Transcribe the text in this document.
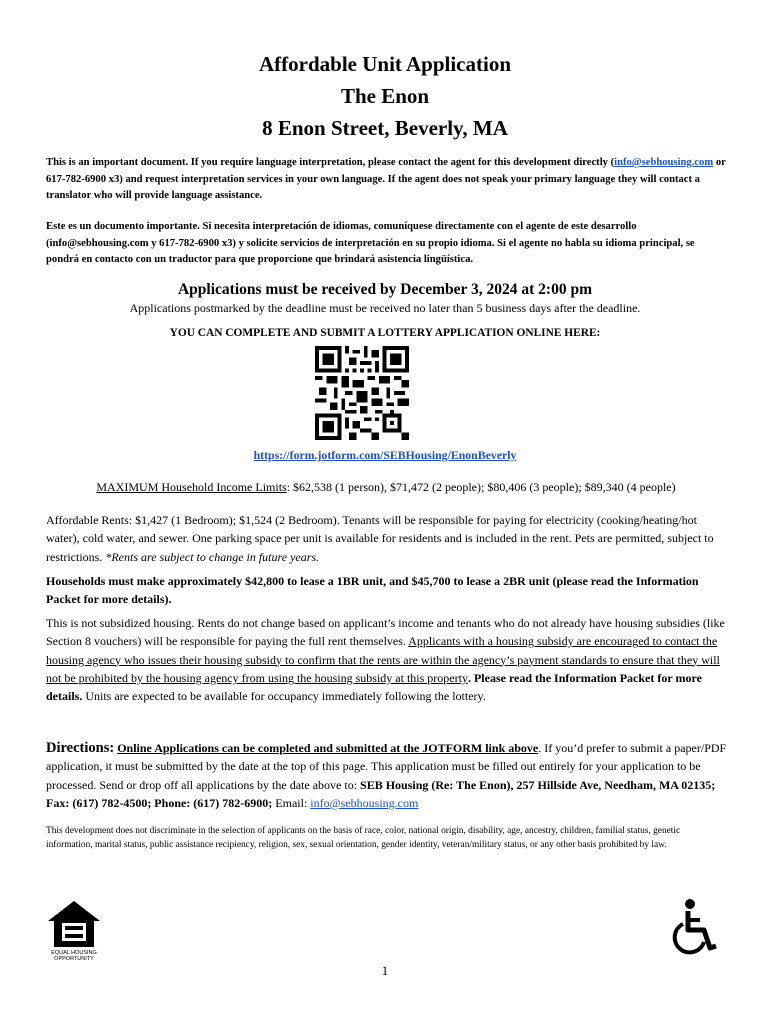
Affordable Unit Application
The Enon
8 Enon Street, Beverly, MA
This is an important document. If you require language interpretation, please contact the agent for this development directly (info@sebhousing.com or 617-782-6900 x3) and request interpretation services in your own language. If the agent does not speak your primary language they will contact a translator who will provide language assistance.
Este es un documento importante. Si necesita interpretación de idiomas, comuníquese directamente con el agente de este desarrollo (info@sebhousing.com y 617-782-6900 x3) y solicite servicios de interpretación en su propio idioma. Si el agente no habla su idioma principal, se pondrá en contacto con un traductor para que proporcione que brindará asistencia lingüística.
Applications must be received by December 3, 2024 at 2:00 pm
Applications postmarked by the deadline must be received no later than 5 business days after the deadline.
YOU CAN COMPLETE AND SUBMIT A LOTTERY APPLICATION ONLINE HERE:
https://form.jotform.com/SEBHousing/EnonBeverly
MAXIMUM Household Income Limits: $62,538 (1 person), $71,472 (2 people); $80,406 (3 people); $89,340 (4 people)
Affordable Rents: $1,427 (1 Bedroom); $1,524 (2 Bedroom). Tenants will be responsible for paying for electricity (cooking/heating/hot water), cold water, and sewer. One parking space per unit is available for residents and is included in the rent. Pets are permitted, subject to restrictions. *Rents are subject to change in future years.
Households must make approximately $42,800 to lease a 1BR unit, and $45,700 to lease a 2BR unit (please read the Information Packet for more details).
This is not subsidized housing. Rents do not change based on applicant’s income and tenants who do not already have housing subsidies (like Section 8 vouchers) will be responsible for paying the full rent themselves. Applicants with a housing subsidy are encouraged to contact the housing agency who issues their housing subsidy to confirm that the rents are within the agency’s payment standards to ensure that they will not be prohibited by the housing agency from using the housing subsidy at this property. Please read the Information Packet for more details. Units are expected to be available for occupancy immediately following the lottery.
Directions: Online Applications can be completed and submitted at the JOTFORM link above. If you’d prefer to submit a paper/PDF application, it must be submitted by the date at the top of this page. This application must be filled out entirely for your application to be processed. Send or drop off all applications by the date above to: SEB Housing (Re: The Enon), 257 Hillside Ave, Needham, MA 02135; Fax: (617) 782-4500; Phone: (617) 782-6900; Email: info@sebhousing.com
This development does not discriminate in the selection of applicants on the basis of race, color, national origin, disability, age, ancestry, children, familial status, genetic information, marital status, public assistance recipiency, religion, sex, sexual orientation, gender identity, veteran/military status, or any other basis prohibited by law.
EQUAL HOUSING
OPPORTUNITY
1
